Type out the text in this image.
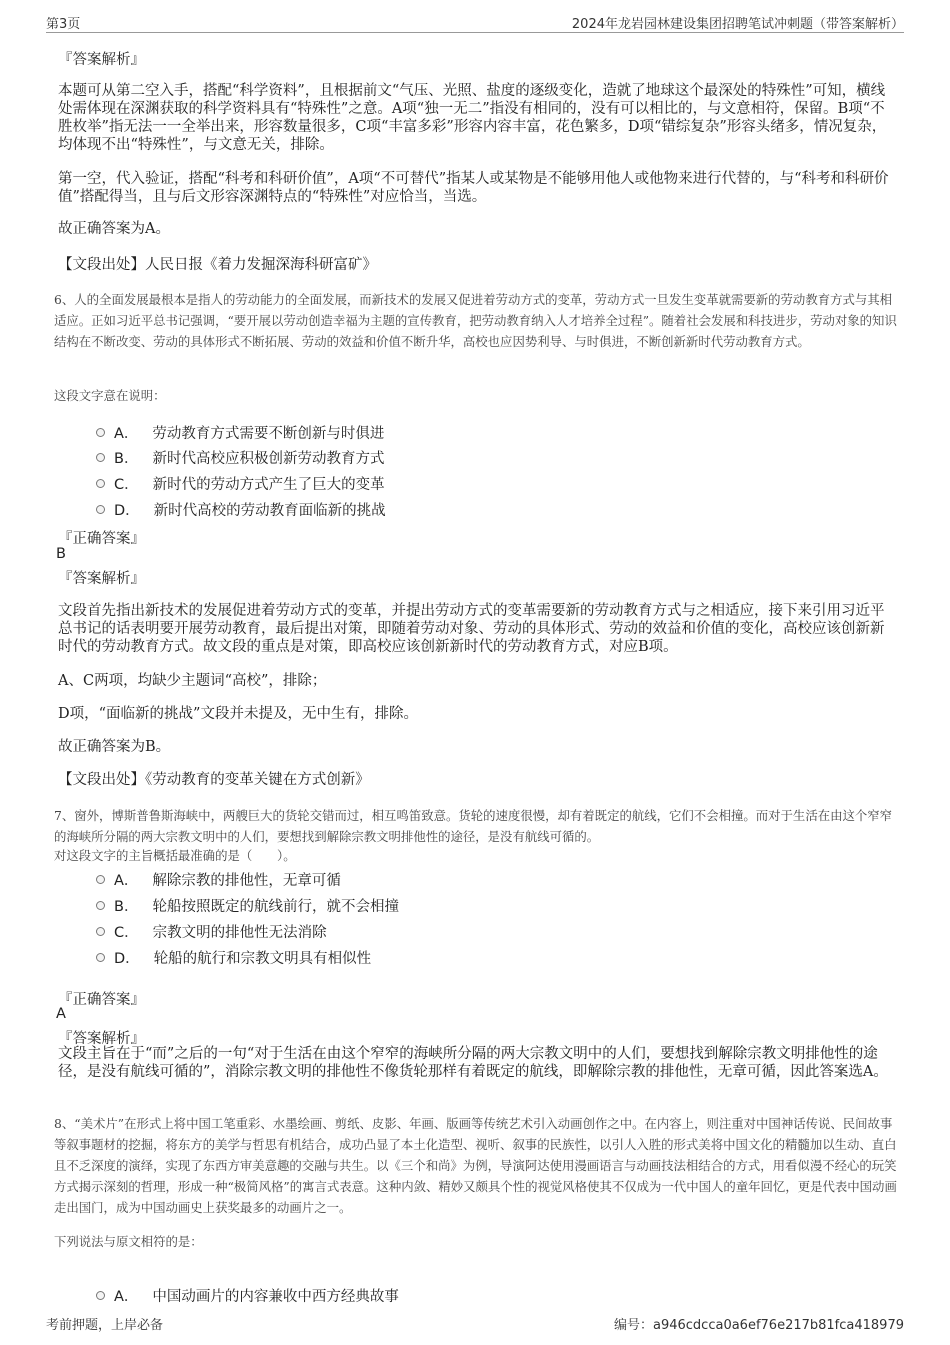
第3页	2024年龙岩园林建设集团招聘笔试冲刺题（带答案解析）
『答案解析』
本题可从第二空入手，搭配“科学资料”，且根据前文“气压、光照、盐度的逐级变化，造就了地球这个最深处的特殊性”可知，横线处需体现在深渊获取的科学资料具有“特殊性”之意。A项“独一无二”指没有相同的，没有可以相比的，与文意相符，保留。B项“不胜枚举”指无法一一全举出来，形容数量很多，C项“丰富多彩”形容内容丰富，花色繁多，D项“错综复杂”形容头绪多，情况复杂，均体现不出“特殊性”，与文意无关，排除。
第一空，代入验证，搭配“科考和科研价值”，A项“不可替代”指某人或某物是不能够用他人或他物来进行代替的，与“科考和科研价值”搭配得当，且与后文形容深渊特点的“特殊性”对应恰当，当选。
故正确答案为A。
【文段出处】人民日报《着力发掘深海科研富矿》
6、人的全面发展最根本是指人的劳动能力的全面发展，而新技术的发展又促进着劳动方式的变革，劳动方式一旦发生变革就需要新的劳动教育方式与其相适应。正如习近平总书记强调，“要开展以劳动创造幸福为主题的宣传教育，把劳动教育纳入人才培养全过程”。随着社会发展和科技进步，劳动对象的知识结构在不断改变、劳动的具体形式不断拓展、劳动的效益和价值不断升华，高校也应因势利导、与时俱进，不断创新新时代劳动教育方式。
这段文字意在说明：
A． 劳动教育方式需要不断创新与时俱进
B． 新时代高校应积极创新劳动教育方式
C． 新时代的劳动方式产生了巨大的变革
D． 新时代高校的劳动教育面临新的挑战
『正确答案』
B
『答案解析』
文段首先指出新技术的发展促进着劳动方式的变革，并提出劳动方式的变革需要新的劳动教育方式与之相适应，接下来引用习近平总书记的话表明要开展劳动教育，最后提出对策，即随着劳动对象、劳动的具体形式、劳动的效益和价值的变化，高校应该创新新时代的劳动教育方式。故文段的重点是对策，即高校应该创新新时代的劳动教育方式，对应B项。
A、C两项，均缺少主题词“高校”，排除；
D项，“面临新的挑战”文段并未提及，无中生有，排除。
故正确答案为B。
【文段出处】《劳动教育的变革关键在方式创新》
7、窗外，博斯普鲁斯海峡中，两艘巨大的货轮交错而过，相互鸣笛致意。货轮的速度很慢，却有着既定的航线，它们不会相撞。而对于生活在由这个窄窄的海峡所分隔的两大宗教文明中的人们，要想找到解除宗教文明排他性的途径，是没有航线可循的。
对这段文字的主旨概括最准确的是（　　）。
A． 解除宗教的排他性，无章可循
B． 轮船按照既定的航线前行，就不会相撞
C． 宗教文明的排他性无法消除
D． 轮船的航行和宗教文明具有相似性
『正确答案』
A
『答案解析』
文段主旨在于“而”之后的一句“对于生活在由这个窄窄的海峡所分隔的两大宗教文明中的人们，要想找到解除宗教文明排他性的途径，是没有航线可循的”，消除宗教文明的排他性不像货轮那样有着既定的航线，即解除宗教的排他性，无章可循，因此答案选A。
8、“美术片”在形式上将中国工笔重彩、水墨绘画、剪纸、皮影、年画、版画等传统艺术引入动画创作之中。在内容上，则注重对中国神话传说、民间故事等叙事题材的挖掘，将东方的美学与哲思有机结合，成功凸显了本土化造型、视听、叙事的民族性，以引人入胜的形式美将中国文化的精髓加以生动、直白且不乏深度的演绎，实现了东西方审美意趣的交融与共生。以《三个和尚》为例，导演阿达使用漫画语言与动画技法相结合的方式，用看似漫不经心的玩笑方式揭示深刻的哲理，形成一种“极简风格”的寓言式表意。这种内敛、精妙又颇具个性的视觉风格使其不仅成为一代中国人的童年回忆，更是代表中国动画走出国门，成为中国动画史上获奖最多的动画片之一。
下列说法与原文相符的是：
A． 中国动画片的内容兼收中西方经典故事
考前押题，上岸必备	编号：a946cdcca0a6ef76e217b81fca418979
